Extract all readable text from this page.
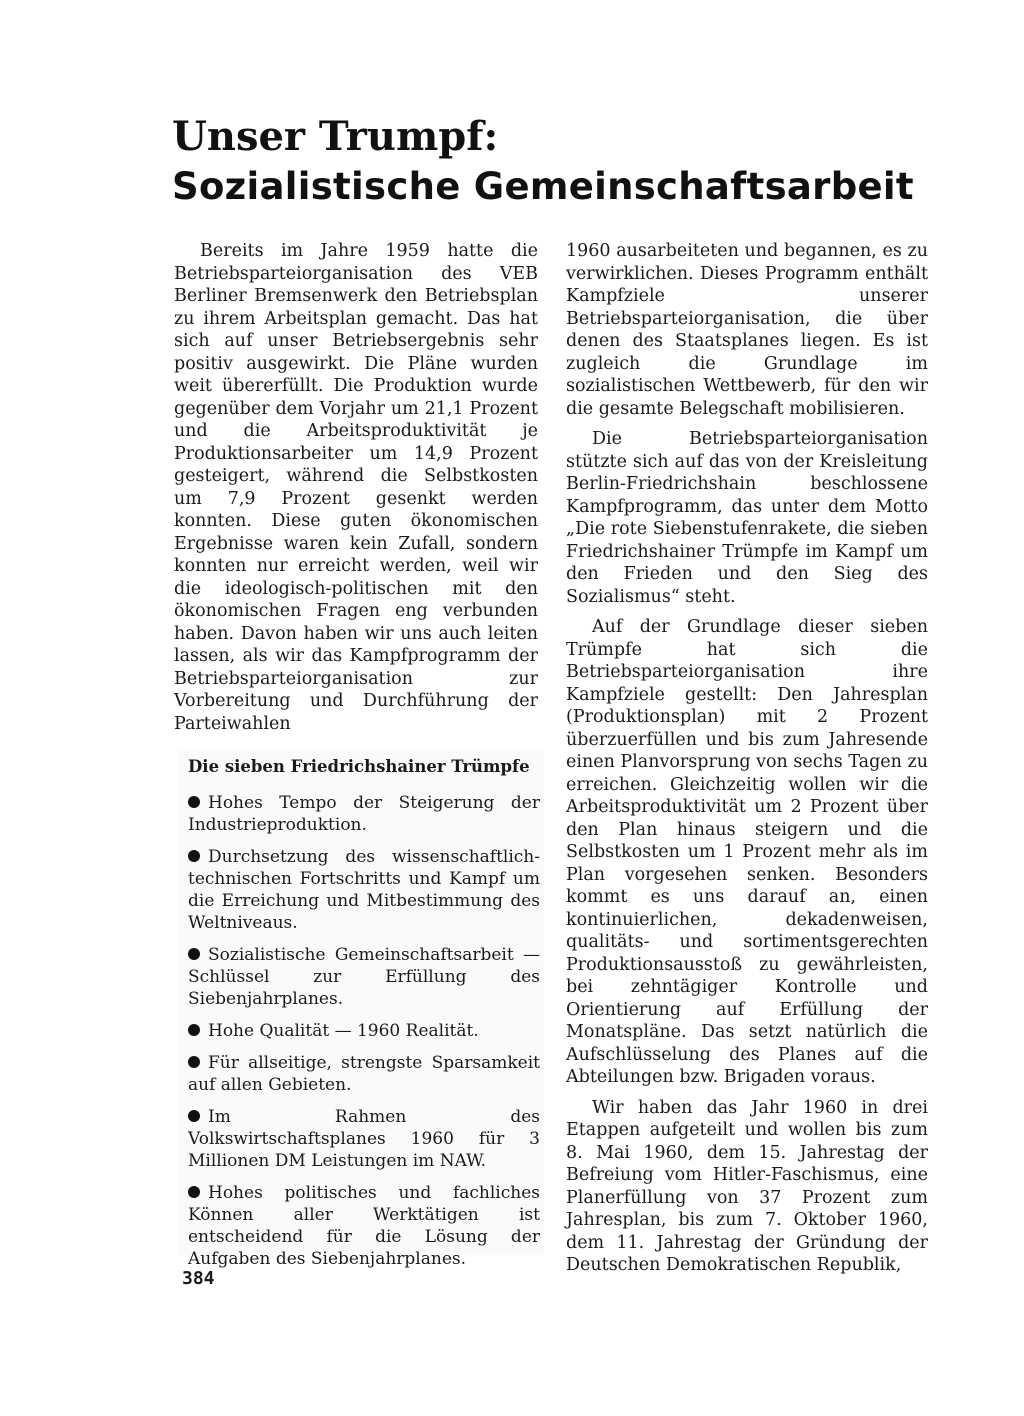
Unser Trumpf:
Sozialistische Gemeinschaftsarbeit

Bereits im Jahre 1959 hatte die Betriebsparteiorganisation des VEB Berliner Bremsenwerk den Betriebsplan zu ihrem Arbeitsplan gemacht. Das hat sich auf unser Betriebsergebnis sehr positiv ausgewirkt. Die Pläne wurden weit übererfüllt. Die Produktion wurde gegenüber dem Vorjahr um 21,1 Prozent und die Arbeitsproduktivität je Produktionsarbeiter um 14,9 Prozent gesteigert, während die Selbstkosten um 7,9 Prozent gesenkt werden konnten. Diese guten ökonomischen Ergebnisse waren kein Zufall, sondern konnten nur erreicht werden, weil wir die ideologisch-politischen mit den ökonomischen Fragen eng verbunden haben. Davon haben wir uns auch leiten lassen, als wir das Kampfprogramm der Betriebsparteiorganisation zur Vorbereitung und Durchführung der Parteiwahlen

Die sieben Friedrichshainer Trümpfe
Hohes Tempo der Steigerung der Industrieproduktion.
Durchsetzung des wissenschaftlich-technischen Fortschritts und Kampf um die Erreichung und Mitbestimmung des Weltniveaus.
Sozialistische Gemeinschaftsarbeit — Schlüssel zur Erfüllung des Siebenjahrplanes.
Hohe Qualität — 1960 Realität.
Für allseitige, strengste Sparsamkeit auf allen Gebieten.
Im Rahmen des Volkswirtschaftsplanes 1960 für 3 Millionen DM Leistungen im NAW.
Hohes politisches und fachliches Können aller Werktätigen ist entscheidend für die Lösung der Aufgaben des Siebenjahrplanes.

1960 ausarbeiteten und begannen, es zu verwirklichen. Dieses Programm enthält Kampfziele unserer Betriebsparteiorganisation, die über denen des Staatsplanes liegen. Es ist zugleich die Grundlage im sozialistischen Wettbewerb, für den wir die gesamte Belegschaft mobilisieren.

Die Betriebsparteiorganisation stützte sich auf das von der Kreisleitung Berlin-Friedrichshain beschlossene Kampfprogramm, das unter dem Motto „Die rote Siebenstufenrakete, die sieben Friedrichshainer Trümpfe im Kampf um den Frieden und den Sieg des Sozialismus“ steht.

Auf der Grundlage dieser sieben Trümpfe hat sich die Betriebsparteiorganisation ihre Kampfziele gestellt: Den Jahresplan (Produktionsplan) mit 2 Prozent überzuerfüllen und bis zum Jahresende einen Planvorsprung von sechs Tagen zu erreichen. Gleichzeitig wollen wir die Arbeitsproduktivität um 2 Prozent über den Plan hinaus steigern und die Selbstkosten um 1 Prozent mehr als im Plan vorgesehen senken. Besonders kommt es uns darauf an, einen kontinuierlichen, dekadenweisen, qualitäts- und sortimentsgerechten Produktionsausstoß zu gewährleisten, bei zehntägiger Kontrolle und Orientierung auf Erfüllung der Monatspläne. Das setzt natürlich die Aufschlüsselung des Planes auf die Abteilungen bzw. Brigaden voraus.

Wir haben das Jahr 1960 in drei Etappen aufgeteilt und wollen bis zum 8. Mai 1960, dem 15. Jahrestag der Befreiung vom Hitler-Faschismus, eine Planerfüllung von 37 Prozent zum Jahresplan, bis zum 7. Oktober 1960, dem 11. Jahrestag der Gründung der Deutschen Demokratischen Republik,

384
